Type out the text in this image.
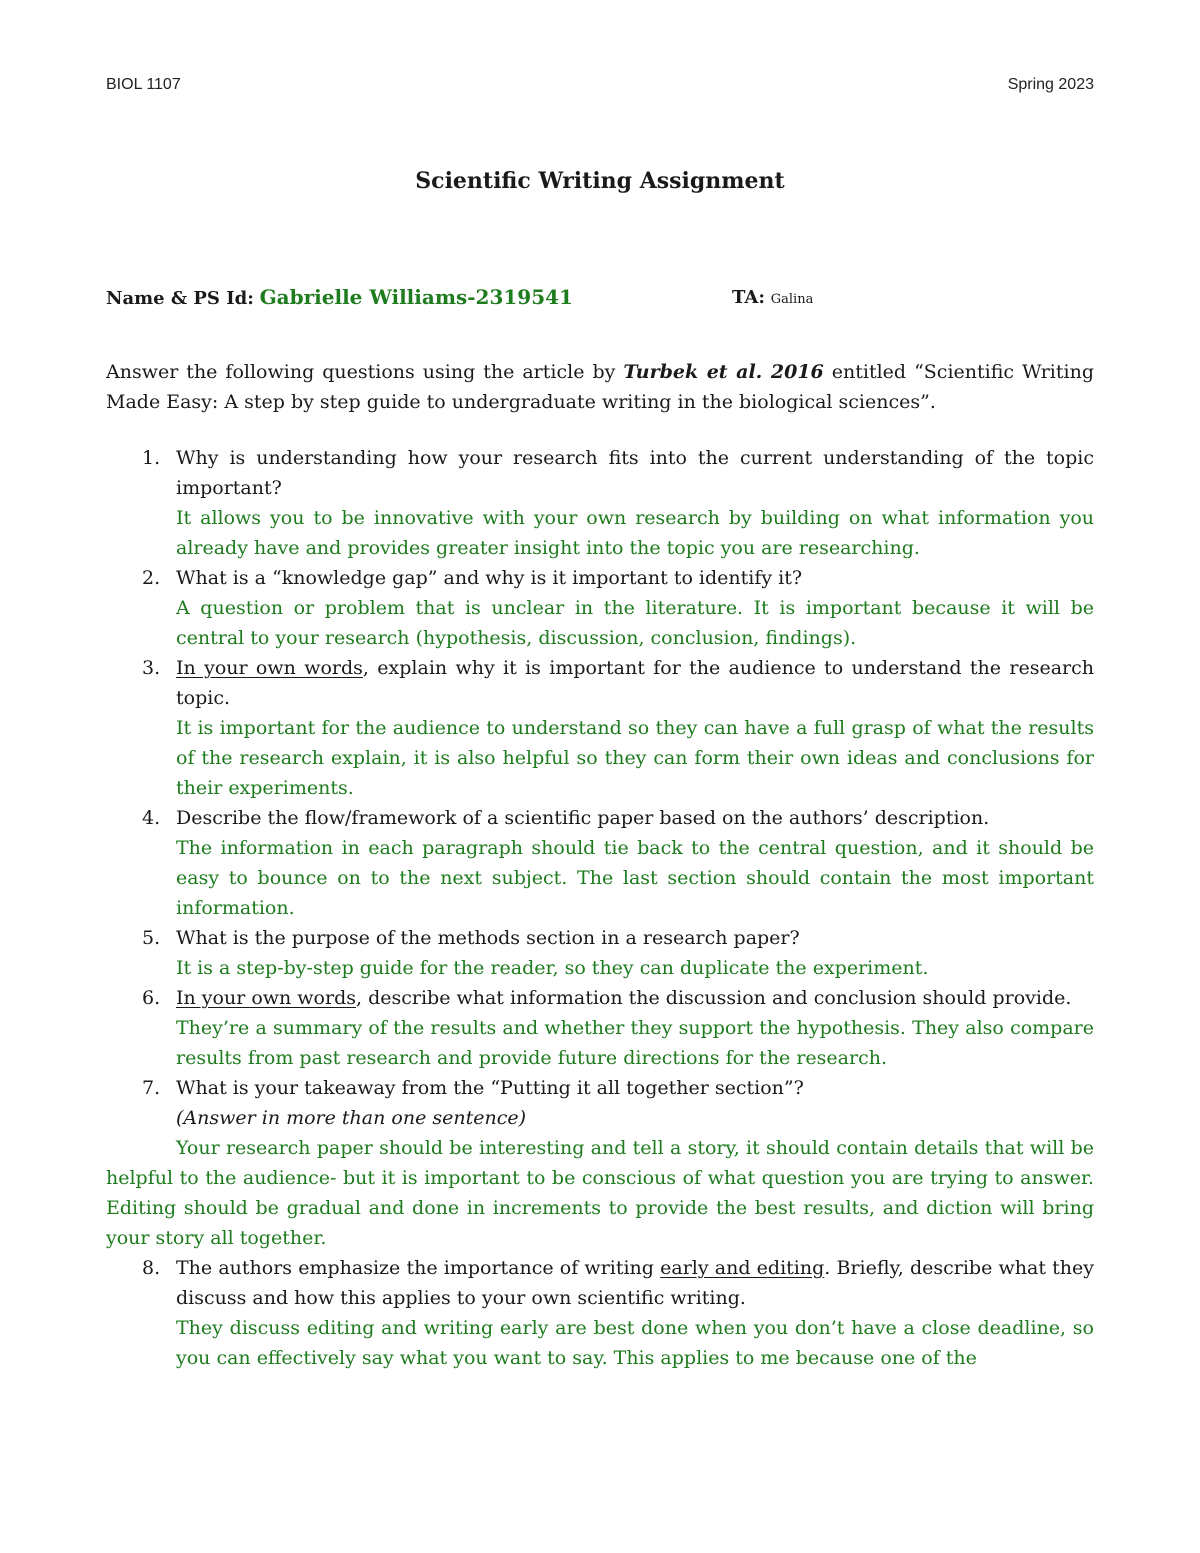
BIOL 1107	Spring 2023
Scientific Writing Assignment
Name & PS Id: Gabrielle Williams-2319541	TA: Galina

Answer the following questions using the article by Turbek et al. 2016 entitled “Scientific Writing Made Easy: A step by step guide to undergraduate writing in the biological sciences”.

1. Why is understanding how your research fits into the current understanding of the topic important?
It allows you to be innovative with your own research by building on what information you already have and provides greater insight into the topic you are researching.
2. What is a “knowledge gap” and why is it important to identify it?
A question or problem that is unclear in the literature. It is important because it will be central to your research (hypothesis, discussion, conclusion, findings).
3. In your own words, explain why it is important for the audience to understand the research topic.
It is important for the audience to understand so they can have a full grasp of what the results of the research explain, it is also helpful so they can form their own ideas and conclusions for their experiments.
4. Describe the flow/framework of a scientific paper based on the authors’ description.
The information in each paragraph should tie back to the central question, and it should be easy to bounce on to the next subject. The last section should contain the most important information.
5. What is the purpose of the methods section in a research paper?
It is a step-by-step guide for the reader, so they can duplicate the experiment.
6. In your own words, describe what information the discussion and conclusion should provide.
They’re a summary of the results and whether they support the hypothesis. They also compare results from past research and provide future directions for the research.
7. What is your takeaway from the “Putting it all together section”?
(Answer in more than one sentence)
Your research paper should be interesting and tell a story, it should contain details that will be helpful to the audience- but it is important to be conscious of what question you are trying to answer. Editing should be gradual and done in increments to provide the best results, and diction will bring your story all together.
8. The authors emphasize the importance of writing early and editing. Briefly, describe what they discuss and how this applies to your own scientific writing.
They discuss editing and writing early are best done when you don’t have a close deadline, so you can effectively say what you want to say. This applies to me because one of the
